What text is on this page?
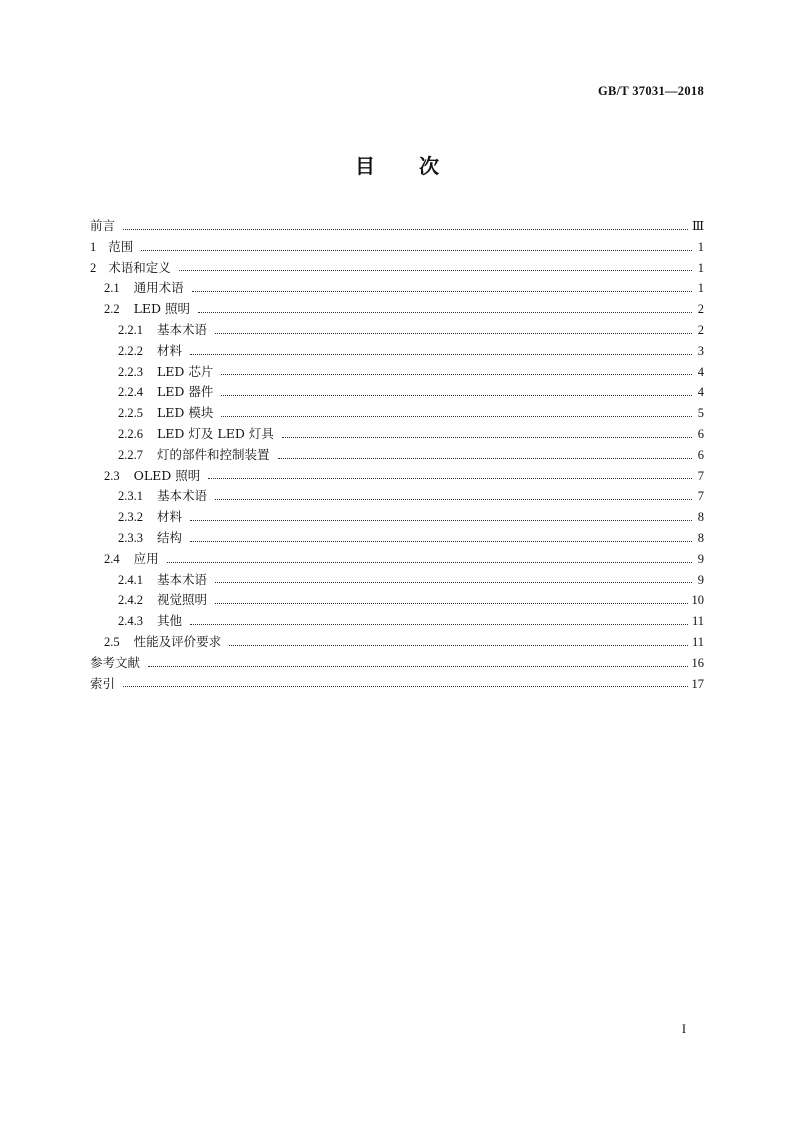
GB/T 37031—2018
目 次
前言	Ⅲ
1 范围	1
2 术语和定义	1
2.1 通用术语	1
2.2 LED 照明	2
2.2.1 基本术语	2
2.2.2 材料	3
2.2.3 LED 芯片	4
2.2.4 LED 器件	4
2.2.5 LED 模块	5
2.2.6 LED 灯及 LED 灯具	6
2.2.7 灯的部件和控制装置	6
2.3 OLED 照明	7
2.3.1 基本术语	7
2.3.2 材料	8
2.3.3 结构	8
2.4 应用	9
2.4.1 基本术语	9
2.4.2 视觉照明	10
2.4.3 其他	11
2.5 性能及评价要求	11
参考文献	16
索引	17
I
